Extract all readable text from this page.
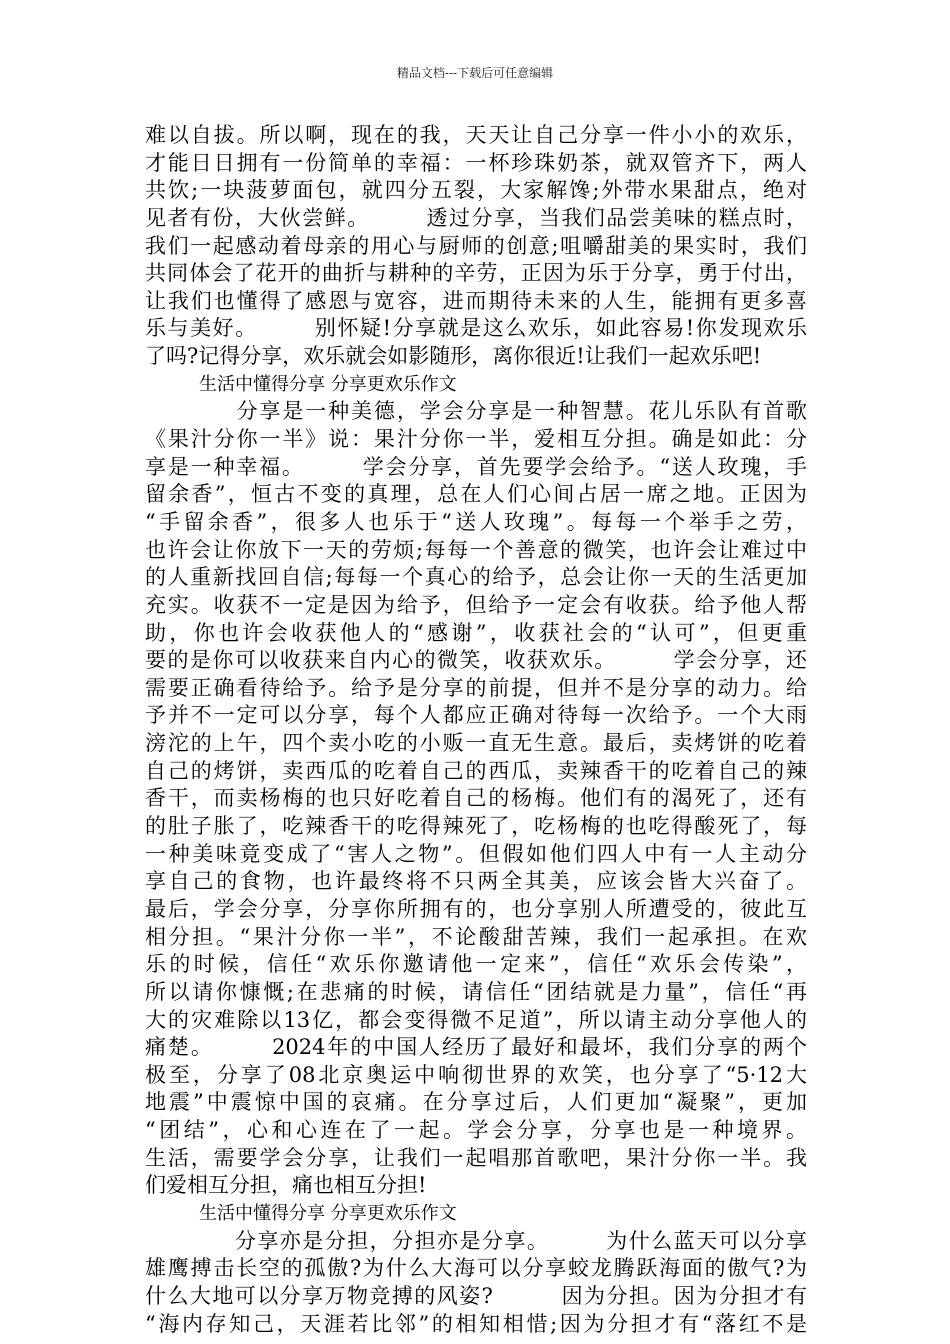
精品文档---下载后可任意编辑
难以自拔。所以啊，现在的我，天天让自己分享一件小小的欢乐，
才能日日拥有一份简单的幸福：一杯珍珠奶茶，就双管齐下，两人
共饮;一块菠萝面包，就四分五裂，大家解馋;外带水果甜点，绝对
见者有份，大伙尝鲜。　　　透过分享，当我们品尝美味的糕点时，
我们一起感动着母亲的用心与厨师的创意;咀嚼甜美的果实时，我们
共同体会了花开的曲折与耕种的辛劳，正因为乐于分享，勇于付出，
让我们也懂得了感恩与宽容，进而期待未来的人生，能拥有更多喜
乐与美好。　　　别怀疑!分享就是这么欢乐，如此容易!你发现欢乐
了吗?记得分享，欢乐就会如影随形，离你很近!让我们一起欢乐吧!
　　　生活中懂得分享 分享更欢乐作文
　　　　分享是一种美德，学会分享是一种智慧。花儿乐队有首歌
《果汁分你一半》说：果汁分你一半，爱相互分担。确是如此：分
享是一种幸福。　　　学会分享，首先要学会给予。“送人玫瑰，手
留余香”，恒古不变的真理，总在人们心间占居一席之地。正因为
“手留余香”，很多人也乐于“送人玫瑰”。每每一个举手之劳，
也许会让你放下一天的劳烦;每每一个善意的微笑，也许会让难过中
的人重新找回自信;每每一个真心的给予，总会让你一天的生活更加
充实。收获不一定是因为给予，但给予一定会有收获。给予他人帮
助，你也许会收获他人的“感谢”，收获社会的“认可”，但更重
要的是你可以收获来自内心的微笑，收获欢乐。　　　学会分享，还
需要正确看待给予。给予是分享的前提，但并不是分享的动力。给
予并不一定可以分享，每个人都应正确对待每一次给予。一个大雨
滂沱的上午，四个卖小吃的小贩一直无生意。最后，卖烤饼的吃着
自己的烤饼，卖西瓜的吃着自己的西瓜，卖辣香干的吃着自己的辣
香干，而卖杨梅的也只好吃着自己的杨梅。他们有的渴死了，还有
的肚子胀了，吃辣香干的吃得辣死了，吃杨梅的也吃得酸死了，每
一种美味竟变成了“害人之物”。但假如他们四人中有一人主动分
享自己的食物，也许最终将不只两全其美，应该会皆大兴奋了。
最后，学会分享，分享你所拥有的，也分享别人所遭受的，彼此互
相分担。“果汁分你一半”，不论酸甜苦辣，我们一起承担。在欢
乐的时候，信任“欢乐你邀请他一定来”，信任“欢乐会传染”，
所以请你慷慨;在悲痛的时候，请信任“团结就是力量”，信任“再
大的灾难除以13亿，都会变得微不足道”，所以请主动分享他人的
痛楚。　　　2024年的中国人经历了最好和最坏，我们分享的两个
极至，分享了08北京奥运中响彻世界的欢笑，也分享了“5·12大
地震”中震惊中国的哀痛。在分享过后，人们更加“凝聚”，更加
“团结”，心和心连在了一起。学会分享，分享也是一种境界。
生活，需要学会分享，让我们一起唱那首歌吧，果汁分你一半。我
们爱相互分担，痛也相互分担!
　　　生活中懂得分享 分享更欢乐作文
　　　　分享亦是分担，分担亦是分享。　　　为什么蓝天可以分享
雄鹰搏击长空的孤傲?为什么大海可以分享蛟龙腾跃海面的傲气?为
什么大地可以分享万物竞搏的风姿?　　　因为分担。因为分担才有
“海内存知己，天涯若比邻”的相知相惜;因为分担才有“落红不是
